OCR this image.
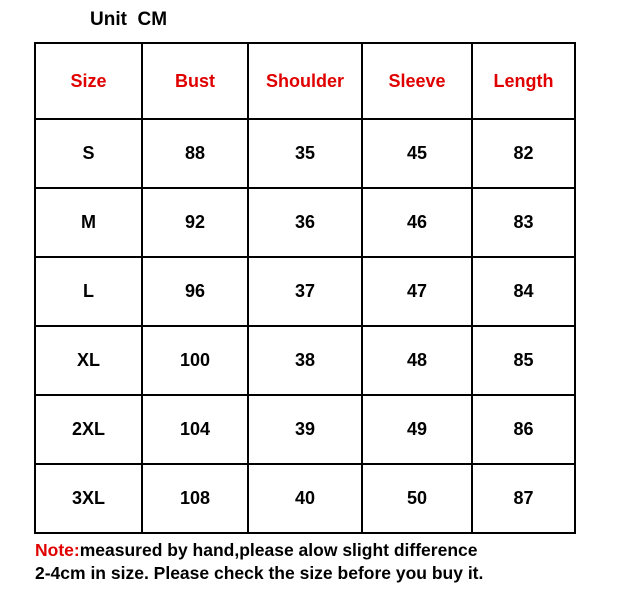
Unit  CM
Size	Bust	Shoulder	Sleeve	Length
S	88	35	45	82
M	92	36	46	83
L	96	37	47	84
XL	100	38	48	85
2XL	104	39	49	86
3XL	108	40	50	87
Note:measured by hand,please alow slight difference
2-4cm in size. Please check the size before you buy it.
